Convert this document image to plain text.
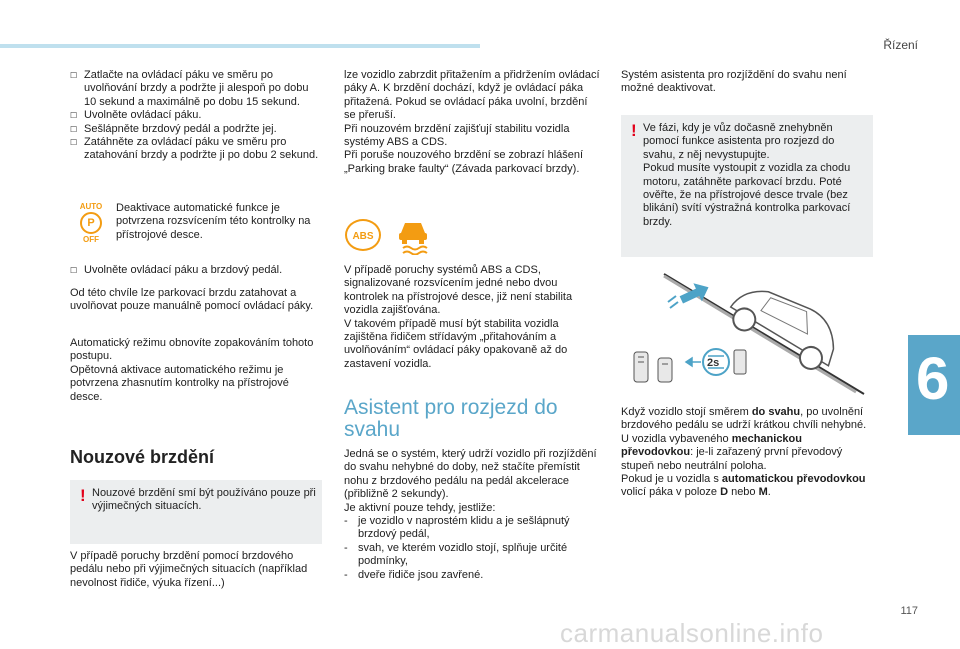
Řízení
☐ Zatlačte na ovládací páku ve směru po uvolňování brzdy a podržte ji alespoň po dobu 10 sekund a maximálně po dobu 15 sekund.
☐ Uvolněte ovládací páku.
☐ Sešlápněte brzdový pedál a podržte jej.
☐ Zatáhněte za ovládací páku ve směru pro zatahování brzdy a podržte ji po dobu 2 sekund.
AUTO
P
OFF
Deaktivace automatické funkce je potvrzena rozsvícením této kontrolky na přístrojové desce.
☐ Uvolněte ovládací páku a brzdový pedál.
Od této chvíle lze parkovací brzdu zatahovat a uvolňovat pouze manuálně pomocí ovládací páky.
Automatický režimu obnovíte zopakováním tohoto postupu.
Opětovná aktivace automatického režimu je potvrzena zhasnutím kontrolky na přístrojové desce.
Nouzové brzdění
! Nouzové brzdění smí být používáno pouze při výjimečných situacích.
V případě poruchy brzdění pomocí brzdového pedálu nebo při výjimečných situacích (například nevolnost řidiče, výuka řízení...)
lze vozidlo zabrzdit přitažením a přidržením ovládací páky A. K brzdění dochází, když je ovládací páka přitažená. Pokud se ovládací páka uvolní, brzdění se přeruší.
Při nouzovém brzdění zajišťují stabilitu vozidla systémy ABS a CDS.
Při poruše nouzového brzdění se zobrazí hlášení „Parking brake faulty“ (Závada parkovací brzdy).
ABS
V případě poruchy systémů ABS a CDS, signalizované rozsvícením jedné nebo dvou kontrolek na přístrojové desce, již není stabilita vozidla zajišťována.
V takovém případě musí být stabilita vozidla zajištěna řidičem střídavým „přitahováním a uvolňováním“ ovládací páky opakovaně až do zastavení vozidla.
Asistent pro rozjezd do svahu
Jedná se o systém, který udrží vozidlo při rozjíždění do svahu nehybné do doby, než stačíte přemístit nohu z brzdového pedálu na pedál akcelerace (přibližně 2 sekundy).
Je aktivní pouze tehdy, jestliže:
- je vozidlo v naprostém klidu a je sešlápnutý brzdový pedál,
- svah, ve kterém vozidlo stojí, splňuje určité podmínky,
- dveře řidiče jsou zavřené.
Systém asistenta pro rozjíždění do svahu není možné deaktivovat.
! Ve fázi, kdy je vůz dočasně znehybněn pomocí funkce asistenta pro rozjezd do svahu, z něj nevystupujte.
Pokud musíte vystoupit z vozidla za chodu motoru, zatáhněte parkovací brzdu. Poté ověřte, že na přístrojové desce trvale (bez blikání) svítí výstražná kontrolka parkovací brzdy.
2s
Když vozidlo stojí směrem do svahu, po uvolnění brzdového pedálu se udrží krátkou chvíli nehybné.
U vozidla vybaveného mechanickou převodovkou: je-li zařazený první převodový stupeň nebo neutrální poloha.
Pokud je u vozidla s automatickou převodovkou volicí páka v poloze D nebo M.
6
117
carmanualsonline.info
